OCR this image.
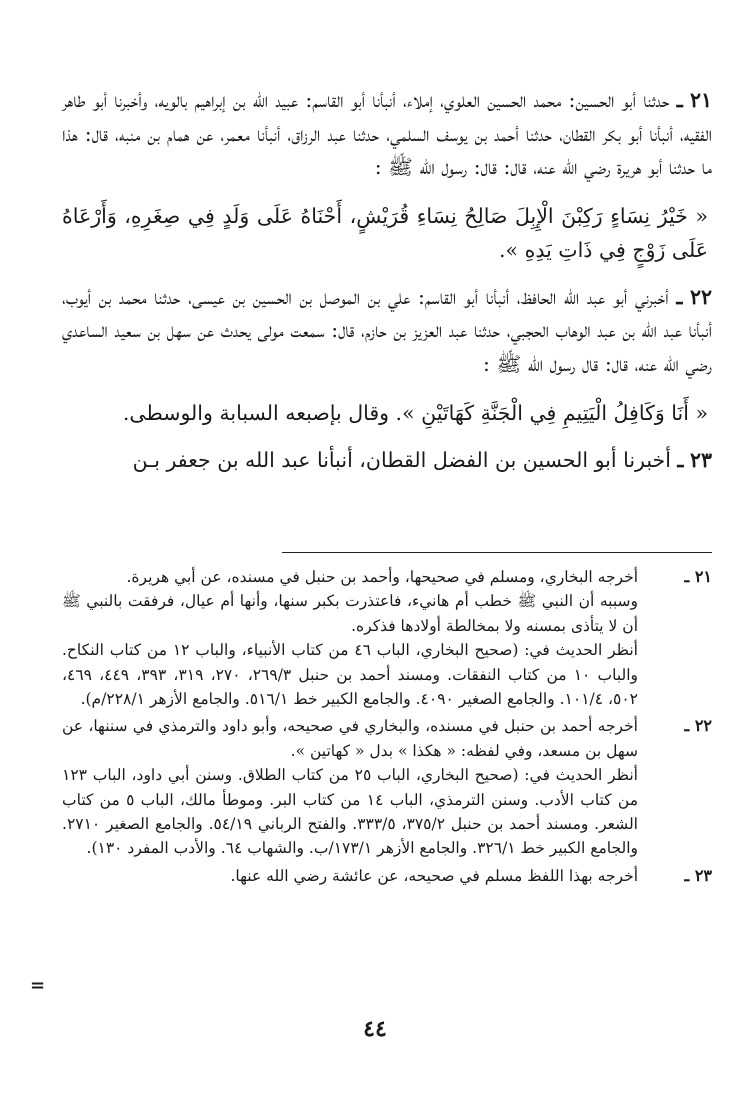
٢١ ـ حدثنا أبو الحسين: محمد الحسين العلوي، إملاء، أنبأنا أبو القاسم: عبيد الله بن إبراهيم بالويه، وأخبرنا أبو طاهر الفقيه، أنبأنا أبو بكر القطان، حدثنا أحمد بن يوسف السلمي، حدثنا عبد الرزاق، أنبأنا معمر، عن همام بن منبه، قال: هذا ما حدثنا أبو هريرة رضي الله عنه، قال: قال: رسول الله ﷺ :

« خَيْرُ نِسَاءٍ رَكِبْنَ الْإِبِلَ صَالِحُ نِسَاءِ قُرَيْشٍ، أَحْنَاهُ عَلَى وَلَدٍ فِي صِغَرِهِ، وَأَرْعَاهُ عَلَى زَوْجٍ فِي ذَاتِ يَدِهِ ».

٢٢ ـ أخبرني أبو عبد الله الحافظ، أنبأنا أبو القاسم: علي بن الموصل بن الحسين بن عيسى، حدثنا محمد بن أيوب، أنبأنا عبد الله بن عبد الوهاب الحجبي، حدثنا عبد العزيز بن حازم، قال: سمعت مولى يحدث عن سهل بن سعيد الساعدي رضي الله عنه، قال: قال رسول الله ﷺ :

« أَنَا وَكَافِلُ الْيَتِيمِ فِي الْجَنَّةِ كَهَاتَيْنِ ». وقال بإصبعه السبابة والوسطى.

٢٣ ـ أخبرنا أبو الحسين بن الفضل القطان، أنبأنا عبد الله بن جعفر بـن

٢١ ـ

أخرجه البخاري، ومسلم في صحيحها، وأحمد بن حنبل في مسنده، عن أبي هريرة.

وسببه أن النبي ﷺ خطب أم هانيء، فاعتذرت بكبر سنها، وأنها أم عيال، فرفقت بالنبي ﷺ أن لا يتأذى بمسنه ولا بمخالطة أولادها فذكره.

أنظر الحديث في: (صحيح البخاري، الباب ٤٦ من كتاب الأنبياء، والباب ١٢ من كتاب النكاح. والباب ١٠ من كتاب النفقات. ومسند أحمد بن حنبل ٢٦٩/٣، ٢٧٠، ٣١٩، ٣٩٣، ٤٤٩، ٤٦٩، ٥٠٢، ١٠١/٤. والجامع الصغير ٤٠٩٠. والجامع الكبير خط ٥١٦/١. والجامع الأزهر ٢٢٨/١/م).

٢٢ ـ

أخرجه أحمد بن حنبل في مسنده، والبخاري في صحيحه، وأبو داود والترمذي في سننها، عن سهل بن مسعد، وفي لفظه: « هكذا » بدل « كهاتين ».

أنظر الحديث في: (صحيح البخاري، الباب ٢٥ من كتاب الطلاق. وسنن أبي داود، الباب ١٢٣ من كتاب الأدب. وسنن الترمذي، الباب ١٤ من كتاب البر. وموطأ مالك، الباب ٥ من كتاب الشعر. ومسند أحمد بن حنبل ٣٧٥/٢، ٣٣٣/٥. والفتح الرباني ٥٤/١٩. والجامع الصغير ٢٧١٠. والجامع الكبير خط ٣٢٦/١. والجامع الأزهر ١٧٣/١/ب. والشهاب ٦٤. والأدب المفرد ١٣٠).

٢٣ ـ

أخرجه بهذا اللفظ مسلم في صحيحه، عن عائشة رضي الله عنها.

=
٤٤
